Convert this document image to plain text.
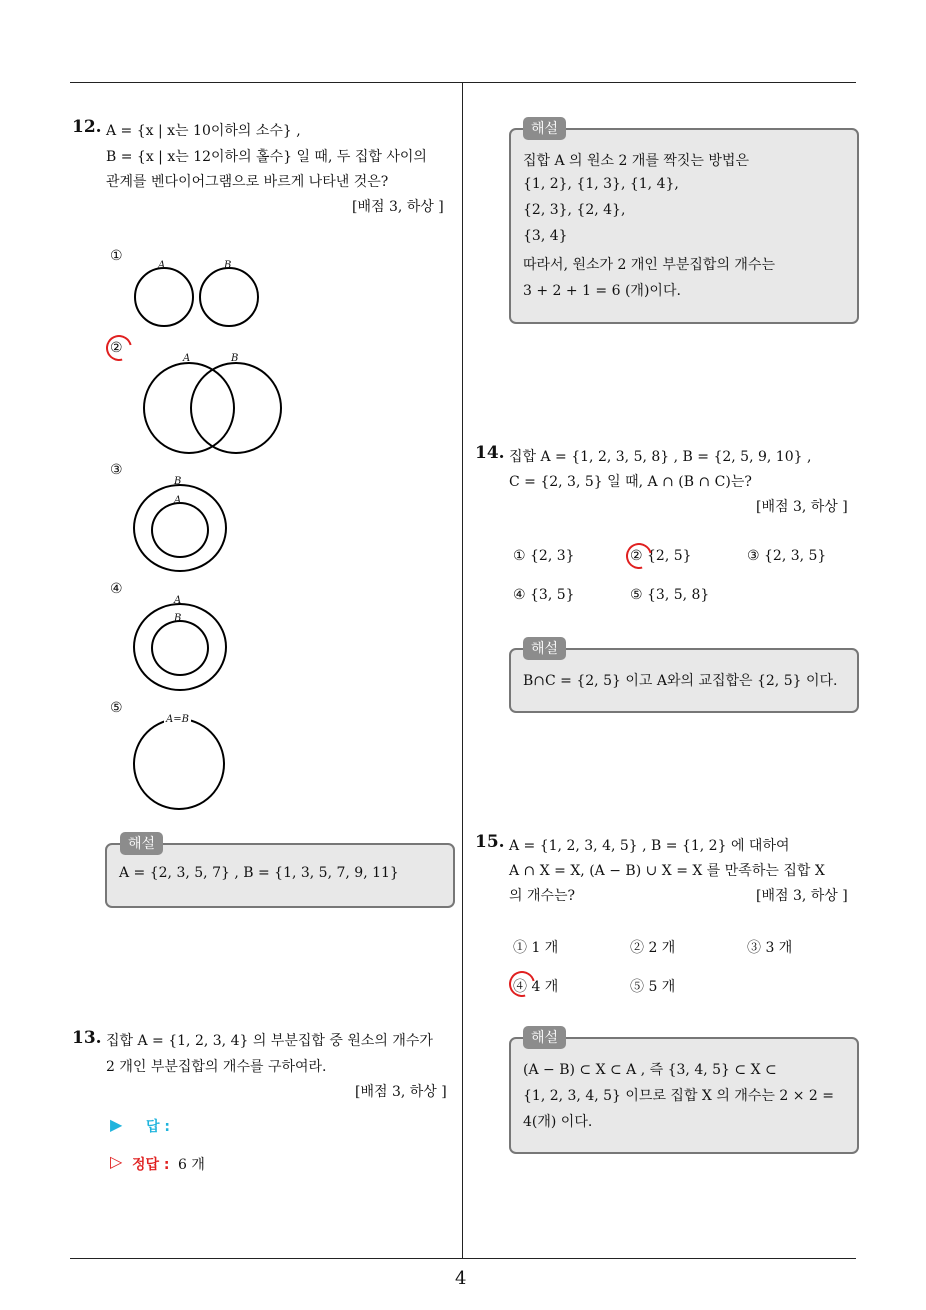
4
12. A = {x | x는 10이하의 소수} ,
B = {x | x는 12이하의 홀수} 일 때, 두 집합 사이의
관계를 벤다이어그램으로 바르게 나타낸 것은?
[배점 3, 하상 ]
①
A	B
②
A	B
③
B
A
④
A
B
⑤
A=B
해설
A = {2, 3, 5, 7} , B = {1, 3, 5, 7, 9, 11}
13. 집합 A = {1, 2, 3, 4} 의 부분집합 중 원소의 개수가
2 개인 부분집합의 개수를 구하여라.
[배점 3, 하상 ]
▶ 답 :
▷ 정답 : 6 개
해설
집합 A 의 원소 2 개를 짝짓는 방법은
{1, 2}, {1, 3}, {1, 4},
{2, 3}, {2, 4},
{3, 4}
따라서, 원소가 2 개인 부분집합의 개수는
3 + 2 + 1 = 6 (개)이다.
14. 집합 A = {1, 2, 3, 5, 8} , B = {2, 5, 9, 10} ,
C = {2, 3, 5} 일 때, A ∩ (B ∩ C)는?
[배점 3, 하상 ]
① {2, 3}	② {2, 5}	③ {2, 3, 5}
④ {3, 5}	⑤ {3, 5, 8}
해설
B∩C = {2, 5} 이고 A와의 교집합은 {2, 5} 이다.
15. A = {1, 2, 3, 4, 5} , B = {1, 2} 에 대하여
A ∩ X = X, (A − B) ∪ X = X 를 만족하는 집합 X
의 개수는?	[배점 3, 하상 ]
① 1 개	② 2 개	③ 3 개
④ 4 개	⑤ 5 개
해설
(A − B) ⊂ X ⊂ A , 즉 {3, 4, 5} ⊂ X ⊂
{1, 2, 3, 4, 5} 이므로 집합 X 의 개수는 2 × 2 =
4(개) 이다.
